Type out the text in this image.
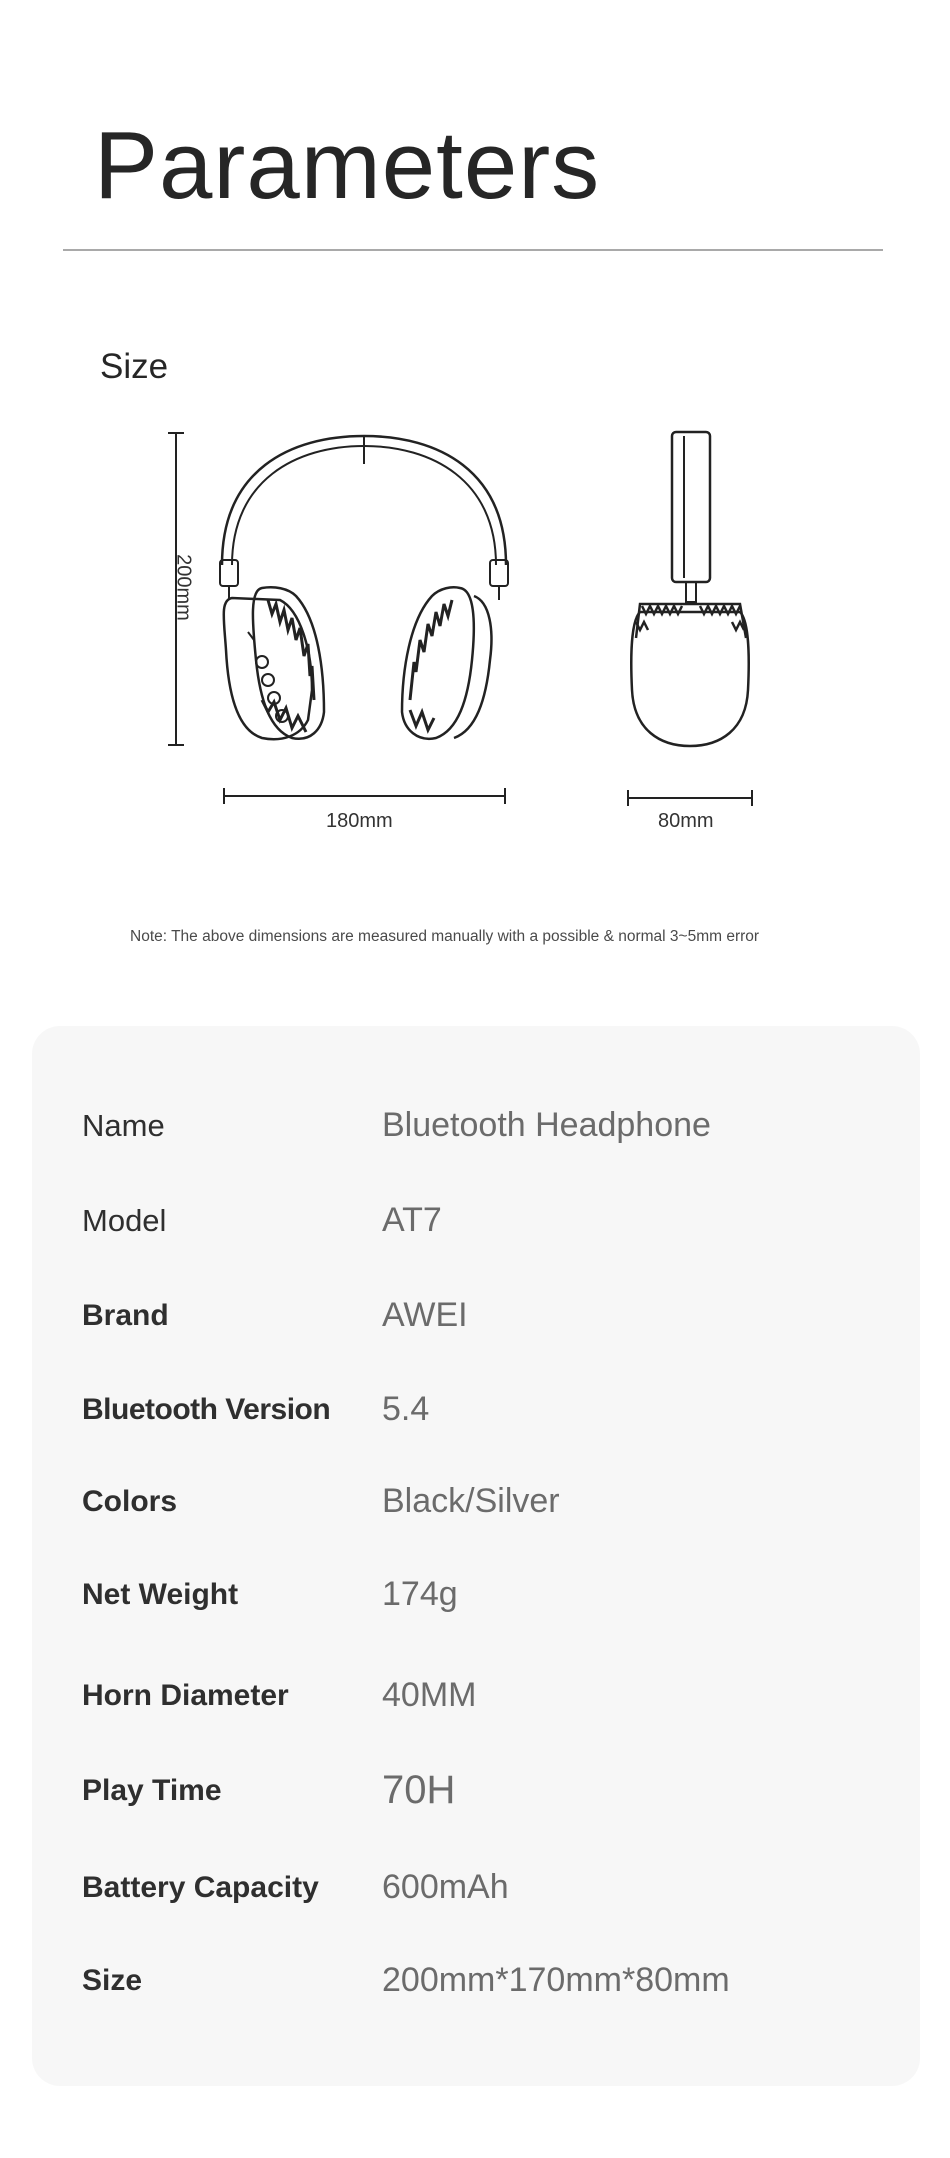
Parameters
Size
200mm
180mm	80mm
Note: The above dimensions are measured manually with a possible & normal 3~5mm error
Name	Bluetooth Headphone
Model	AT7
Brand	AWEI
Bluetooth Version	5.4
Colors	Black/Silver
Net Weight	174g
Horn Diameter	40MM
Play Time	70H
Battery Capacity	600mAh
Size	200mm*170mm*80mm
